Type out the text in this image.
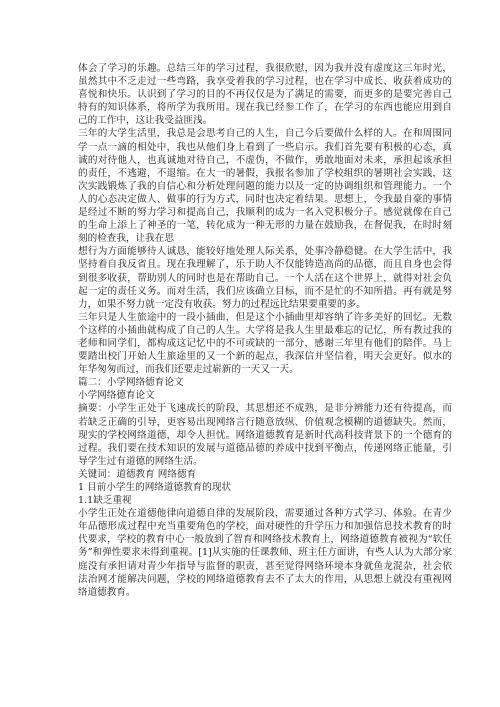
体会了学习的乐趣。总结三年的学习过程，我很欣慰，因为我并没有虚度这三年时光，虽然其中不乏走过一些弯路，我享受着我的学习过程，也在学习中成长、收获着成功的喜悦和快乐。认识到了学习的目的不再仅仅是为了满足的需要，而更多的是要完善自己特有的知识体系，将所学为我所用。现在我已经参工作了，在学习的东西也能应用到自己的工作中，这让我受益匪浅。

三年的大学生活里，我总是会思考自己的人生，自己今后要做什么样的人。在和周围同学一点一滴的相处中，我也从他们身上看到了一些启示。我们首先要有积极的心态，真诚的对待他人，也真诚地对待自己，不虚伪，不做作，勇敢地面对未来，承担起该承担的责任，不逃避，不退缩。在大一的暑假，我报名参加了学校组织的暑期社会实践，这次实践锻炼了我的自信心和分析处理问题的能力以及一定的协调组织和管理能力。一个人的心态决定做人、做事的行为方式，同时也决定着结果。思想上，令我最自豪的事情是经过不断的努力学习和提高自己，我顺利的成为一名入党积极分子。感觉就像在自己的生命上添上了神圣的一笔，转化成为一种无形的力量在鼓励我，在督促我，在时时刻刻的检查我，让我在思

想行为方面能够待人诚恳，能较好地处理人际关系，处事冷静稳健。在大学生活中，我坚持着自我反省且。现在我理解了，乐于助人不仅能铸造高尚的品德，而且自身也会得到很多收获，帮助别人的同时也是在帮助自己。一个人活在这个世界上，就得对社会负起一定的责任义务。而对生活，我们应该确立目标，而不是忙的不知所措。再有就是努力，如果不努力就一定没有收获。努力的过程远比结果要重要的多。

三年只是人生旅途中的一段小插曲，但是这个小插曲里却容纳了许多美好的回忆。无数个这样的小插曲就构成了自己的人生。大学将是我人生里最难忘的记忆，所有教过我的老师和同学们，都构成这记忆中的不可或缺的一部分，感谢三年里有他们的陪伴。马上要踏出校门开始人生旅途里的又一个新的起点，我深信并坚信着，明天会更好。似水的年华匆匆而过，而我们还要走过崭新的一天又一天。

篇二：小学网络德育论文

小学网络德育论文

摘要：小学生正处于飞速成长的阶段，其思想还不成熟，是非分辨能力还有待提高，而若缺乏正确的引导，更容易出现网络言行随意放纵、价值观念模糊的道德缺失。然而，现实的学校网络道德，却令人担忧。网络道德教育是新时代高科技背景下的一个德育的过程。我们要在技术知识的发展与道德品德的养成中找到平衡点，传递网络正能量，引导学生过有道德的网络生活。

关键词：道德教育 网络德育

1 目前小学生的网络道德教育的现状

1.1缺乏重视

小学生正处在道德他律向道德自律的发展阶段，需要通过各种方式学习、体验。在青少年品德形成过程中充当重要角色的学校，面对硬性的升学压力和加强信息技术教育的时代要求，学校的教育中心一般放到了智育和网络技术教育上，网络道德教育被视为“软任务”和弹性要求未得到重视。[1]从实施的任课教师、班主任方面讲，有些人认为大部分家庭没有承担请对青少年指导与监督的职责，甚至觉得网络环境本身就鱼龙混杂，社会依法治网才能解决问题，学校的网络道德教育去不了太大的作用，从思想上就没有重视网络道德教育。
